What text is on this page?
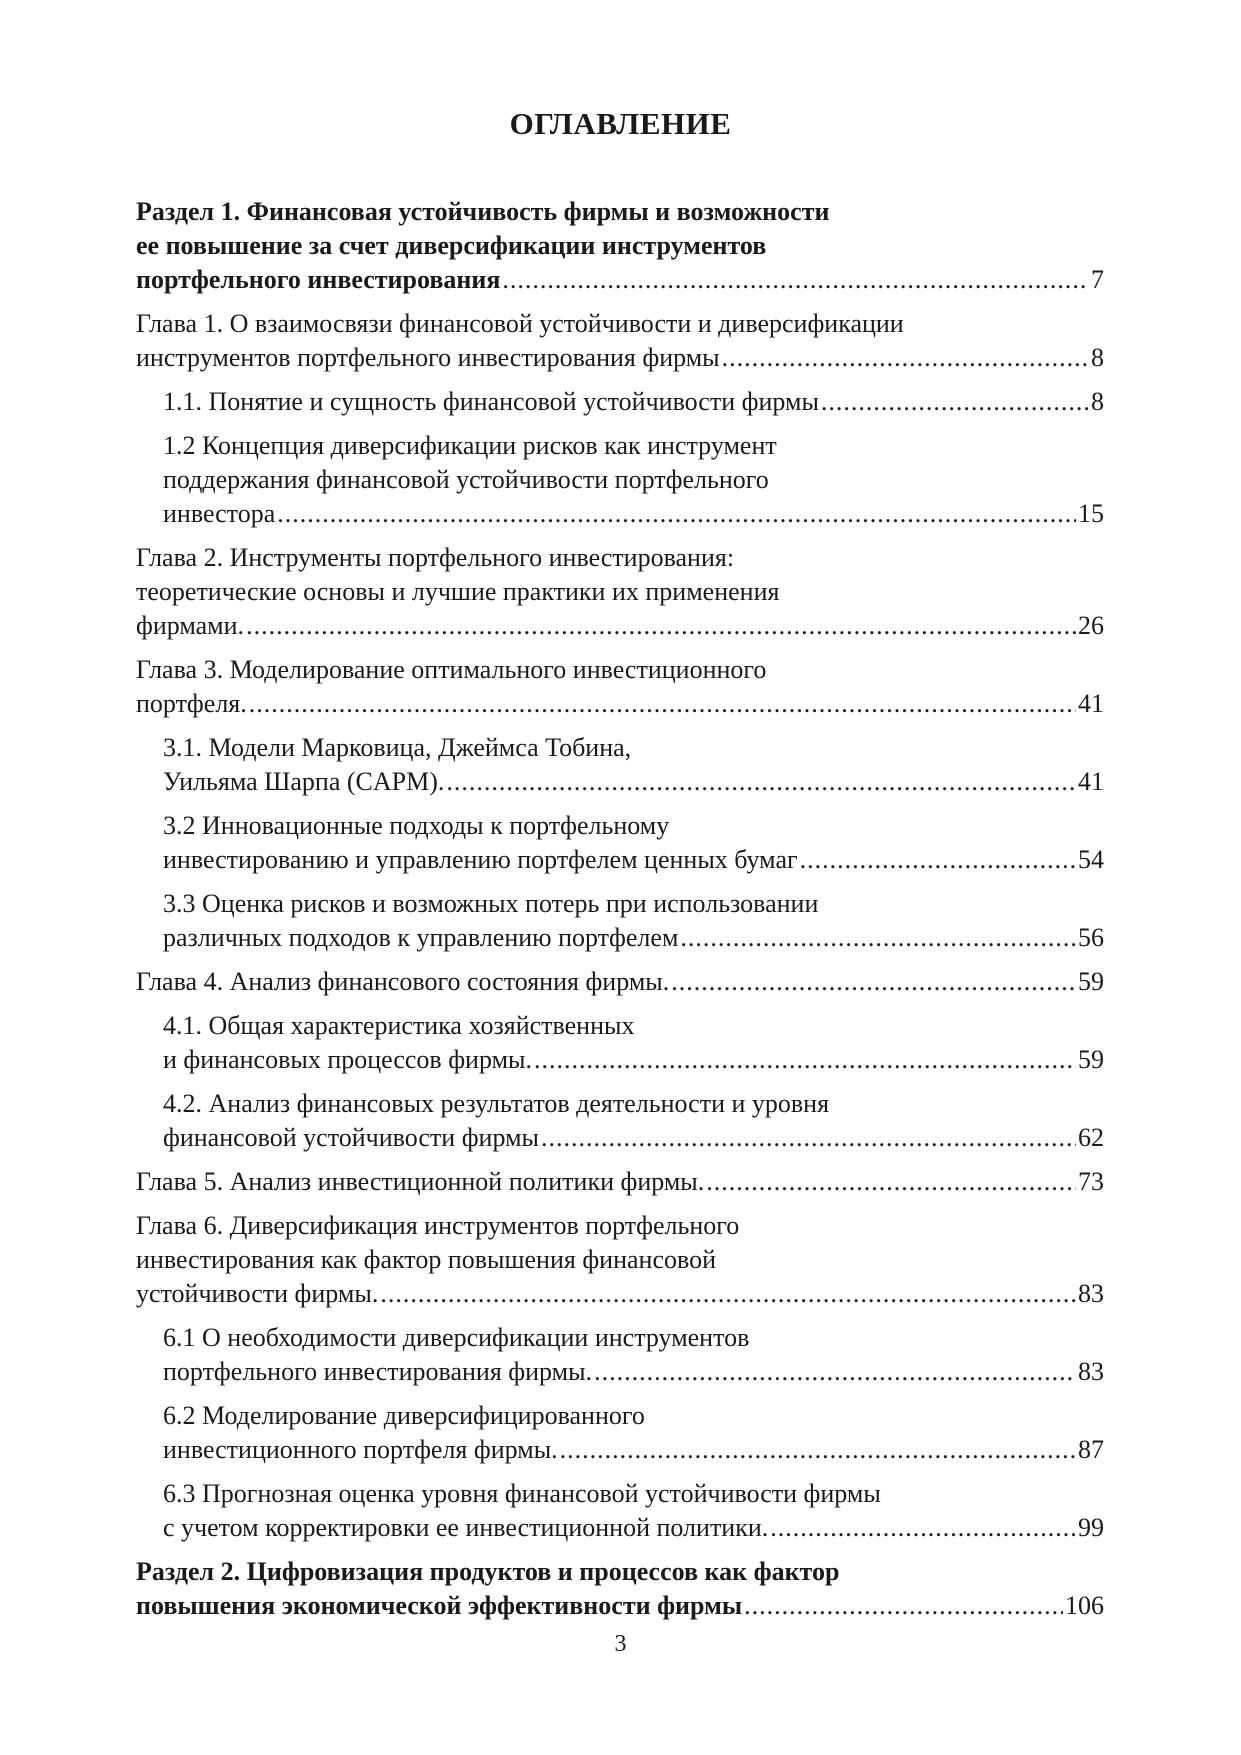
ОГЛАВЛЕНИЕ
Раздел 1. Финансовая устойчивость фирмы и возможности
ее повышение за счет диверсификации инструментов
портфельного инвестирования .....	7
Глава 1. О взаимосвязи финансовой устойчивости и диверсификации
инструментов портфельного инвестирования фирмы .....	8
1.1. Понятие и сущность финансовой устойчивости фирмы .....	8
1.2 Концепция диверсификации рисков как инструмент
поддержания финансовой устойчивости портфельного
инвестора .....	15
Глава 2. Инструменты портфельного инвестирования:
теоретические основы и лучшие практики их применения
фирмами. .....	26
Глава 3. Моделирование оптимального инвестиционного
портфеля. .....	41
3.1. Модели Марковица, Джеймса Тобина,
Уильяма Шарпа (CAPM). .....	41
3.2 Инновационные подходы к портфельному
инвестированию и управлению портфелем ценных бумаг .....	54
3.3 Оценка рисков и возможных потерь при использовании
различных подходов к управлению портфелем .....	56
Глава 4. Анализ финансового состояния фирмы. .....	59
4.1. Общая характеристика хозяйственных
и финансовых процессов фирмы. .....	59
4.2. Анализ финансовых результатов деятельности и уровня
финансовой устойчивости фирмы .....	62
Глава 5. Анализ инвестиционной политики фирмы. .....	73
Глава 6. Диверсификация инструментов портфельного
инвестирования как фактор повышения финансовой
устойчивости фирмы. .....	83
6.1 О необходимости диверсификации инструментов
портфельного инвестирования фирмы. .....	83
6.2 Моделирование диверсифицированного
инвестиционного портфеля фирмы. .....	87
6.3 Прогнозная оценка уровня финансовой устойчивости фирмы
с учетом корректировки ее инвестиционной политики. .....	99
Раздел 2. Цифровизация продуктов и процессов как фактор
повышения экономической эффективности фирмы .....	106
3
